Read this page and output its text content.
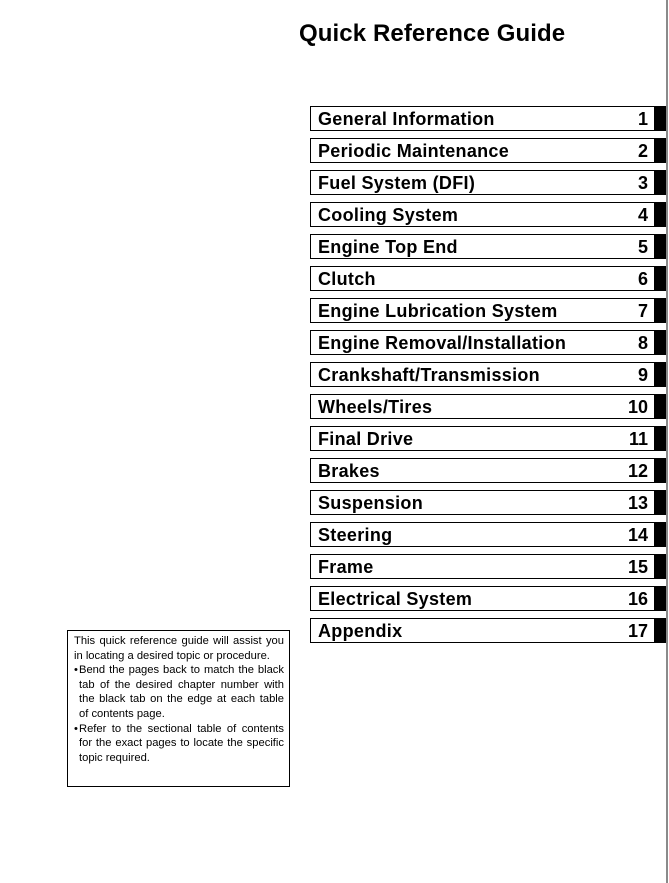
Quick Reference Guide
General Information	1
Periodic Maintenance	2
Fuel System (DFI)	3
Cooling System	4
Engine Top End	5
Clutch	6
Engine Lubrication System	7
Engine Removal/Installation	8
Crankshaft/Transmission	9
Wheels/Tires	10
Final Drive	11
Brakes	12
Suspension	13
Steering	14
Frame	15
Electrical System	16
Appendix	17

This quick reference guide will assist you in locating a desired topic or procedure.

• Bend the pages back to match the black tab of the desired chapter number with the black tab on the edge at each table of contents page.
• Refer to the sectional table of contents for the exact pages to locate the specific topic required.
